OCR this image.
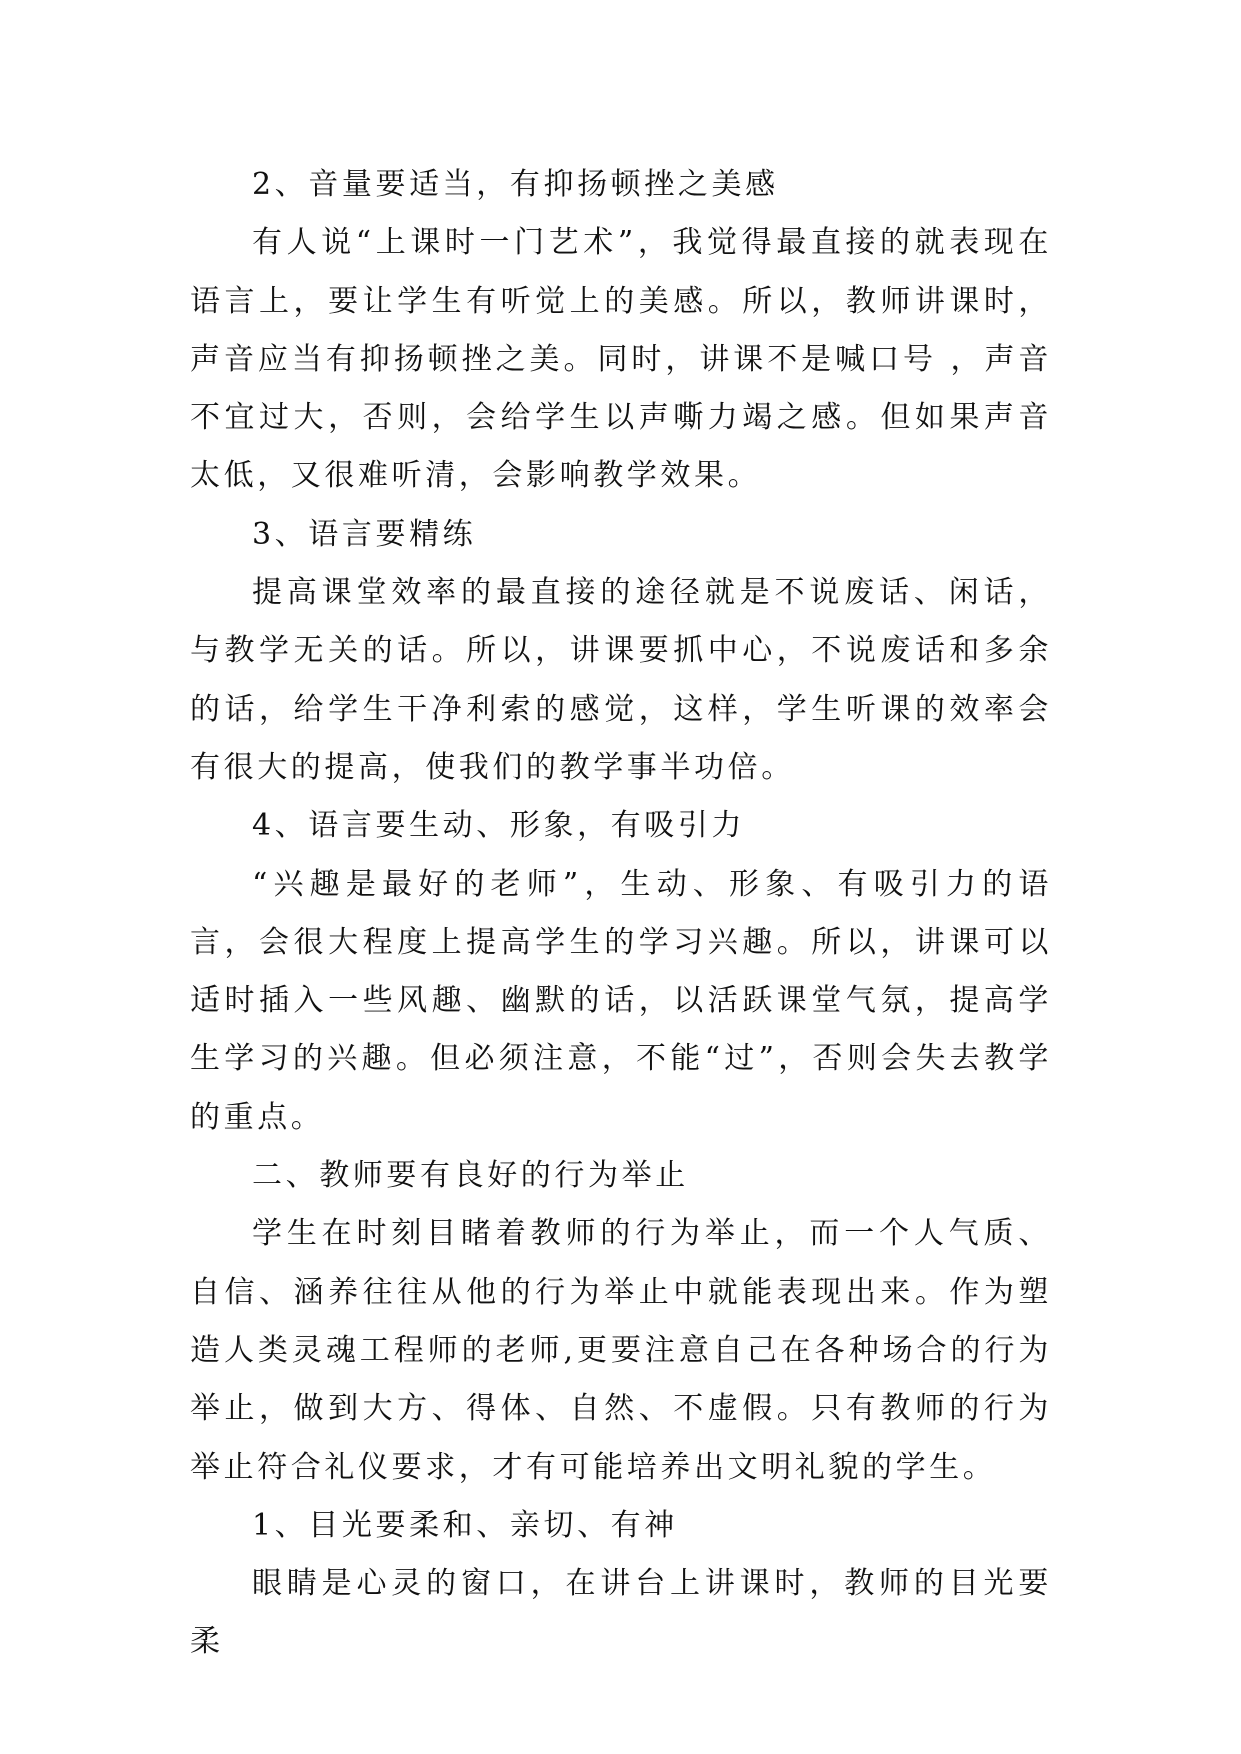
2、音量要适当，有抑扬顿挫之美感

有人说“上课时一门艺术”，我觉得最直接的就表现在语言上，要让学生有听觉上的美感。所以，教师讲课时，声音应当有抑扬顿挫之美。同时，讲课不是喊口号 ，声音不宜过大，否则，会给学生以声嘶力竭之感。但如果声音太低，又很难听清，会影响教学效果。

3、语言要精练

提高课堂效率的最直接的途径就是不说废话、闲话，与教学无关的话。所以，讲课要抓中心，不说废话和多余的话，给学生干净利索的感觉，这样，学生听课的效率会有很大的提高，使我们的教学事半功倍。

4、语言要生动、形象，有吸引力

“兴趣是最好的老师”，生动、形象、有吸引力的语言，会很大程度上提高学生的学习兴趣。所以，讲课可以适时插入一些风趣、幽默的话，以活跃课堂气氛，提高学生学习的兴趣。但必须注意，不能“过”，否则会失去教学的重点。

二、教师要有良好的行为举止

学生在时刻目睹着教师的行为举止，而一个人气质、自信、涵养往往从他的行为举止中就能表现出来。作为塑造人类灵魂工程师的老师,更要注意自己在各种场合的行为举止，做到大方、得体、自然、不虚假。只有教师的行为举止符合礼仪要求，才有可能培养出文明礼貌的学生。

1、目光要柔和、亲切、有神

眼睛是心灵的窗口，在讲台上讲课时，教师的目光要柔
